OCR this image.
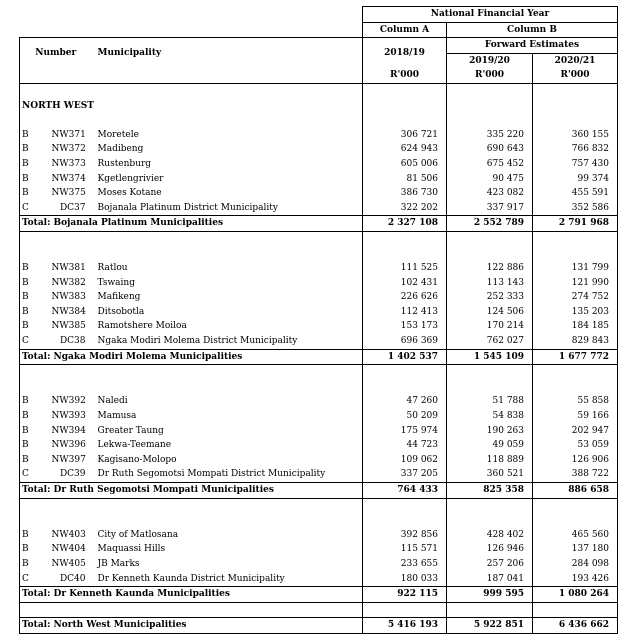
			National Financial Year		
			Column A	Column B	
Number		Municipality	2018/19	Forward Estimates	
				2019/20	2020/21
			R'000	R'000	R'000

NORTH WEST					

B	NW371	Moretele	306 721	335 220	360 155
B	NW372	Madibeng	624 943	690 643	766 832
B	NW373	Rustenburg	605 006	675 452	757 430
B	NW374	Kgetlengrivier	81 506	90 475	99 374
B	NW375	Moses Kotane	386 730	423 082	455 591
C	DC37	Bojanala Platinum District Municipality	322 202	337 917	352 586
Total: Bojanala Platinum Municipalities			2 327 108	2 552 789	2 791 968

B	NW381	Ratlou	111 525	122 886	131 799
B	NW382	Tswaing	102 431	113 143	121 990
B	NW383	Mafikeng	226 626	252 333	274 752
B	NW384	Ditsobotla	112 413	124 506	135 203
B	NW385	Ramotshere Moiloa	153 173	170 214	184 185
C	DC38	Ngaka Modiri Molema District Municipality	696 369	762 027	829 843
Total: Ngaka Modiri Molema Municipalities			1 402 537	1 545 109	1 677 772

B	NW392	Naledi	47 260	51 788	55 858
B	NW393	Mamusa	50 209	54 838	59 166
B	NW394	Greater Taung	175 974	190 263	202 947
B	NW396	Lekwa-Teemane	44 723	49 059	53 059
B	NW397	Kagisano-Molopo	109 062	118 889	126 906
C	DC39	Dr Ruth Segomotsi Mompati District Municipality	337 205	360 521	388 722
Total: Dr Ruth Segomotsi Mompati Municipalities			764 433	825 358	886 658

B	NW403	City of Matlosana	392 856	428 402	465 560
B	NW404	Maquassi Hills	115 571	126 946	137 180
B	NW405	JB Marks	233 655	257 206	284 098
C	DC40	Dr Kenneth Kaunda District Municipality	180 033	187 041	193 426
Total: Dr Kenneth Kaunda Municipalities			922 115	999 595	1 080 264

Total: North West Municipalities			5 416 193	5 922 851	6 436 662
